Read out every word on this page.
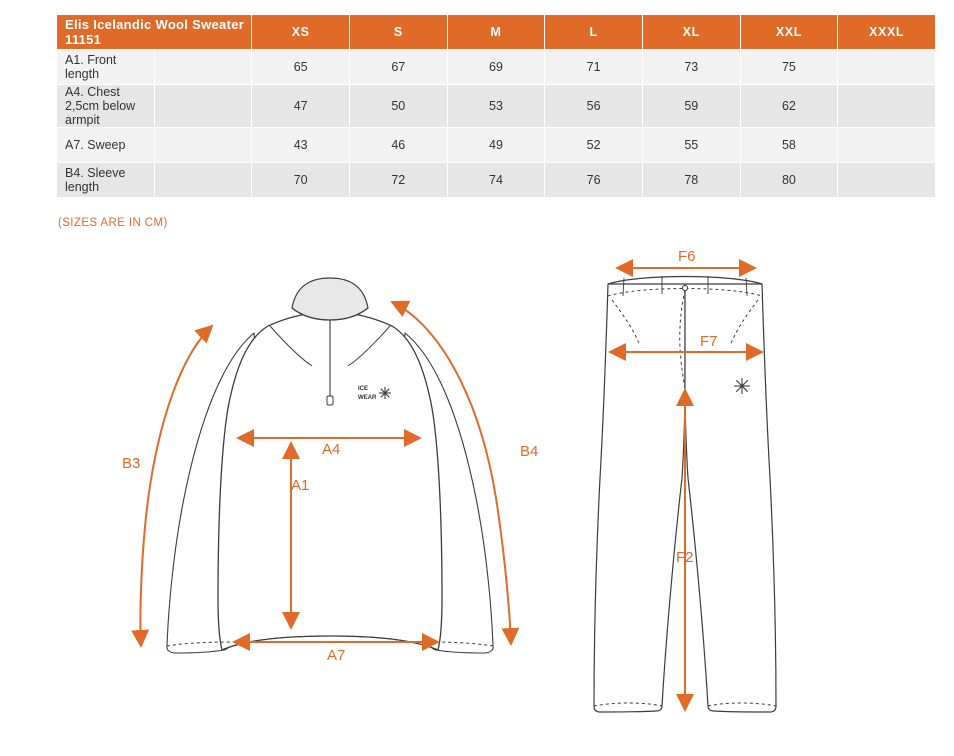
Elis Icelandic Wool Sweater 11151		XS	S	M	L	XL	XXL	XXXL
A1. Front length		65	67	69	71	73	75	
A4. Chest 2,5cm below armpit		47	50	53	56	59	62	
A7. Sweep		43	46	49	52	55	58	
B4. Sleeve length		70	72	74	76	78	80	
(SIZES ARE IN CM)
ICE
WEAR
B3
B4
A4
A1
A7
F6
F7
F2
